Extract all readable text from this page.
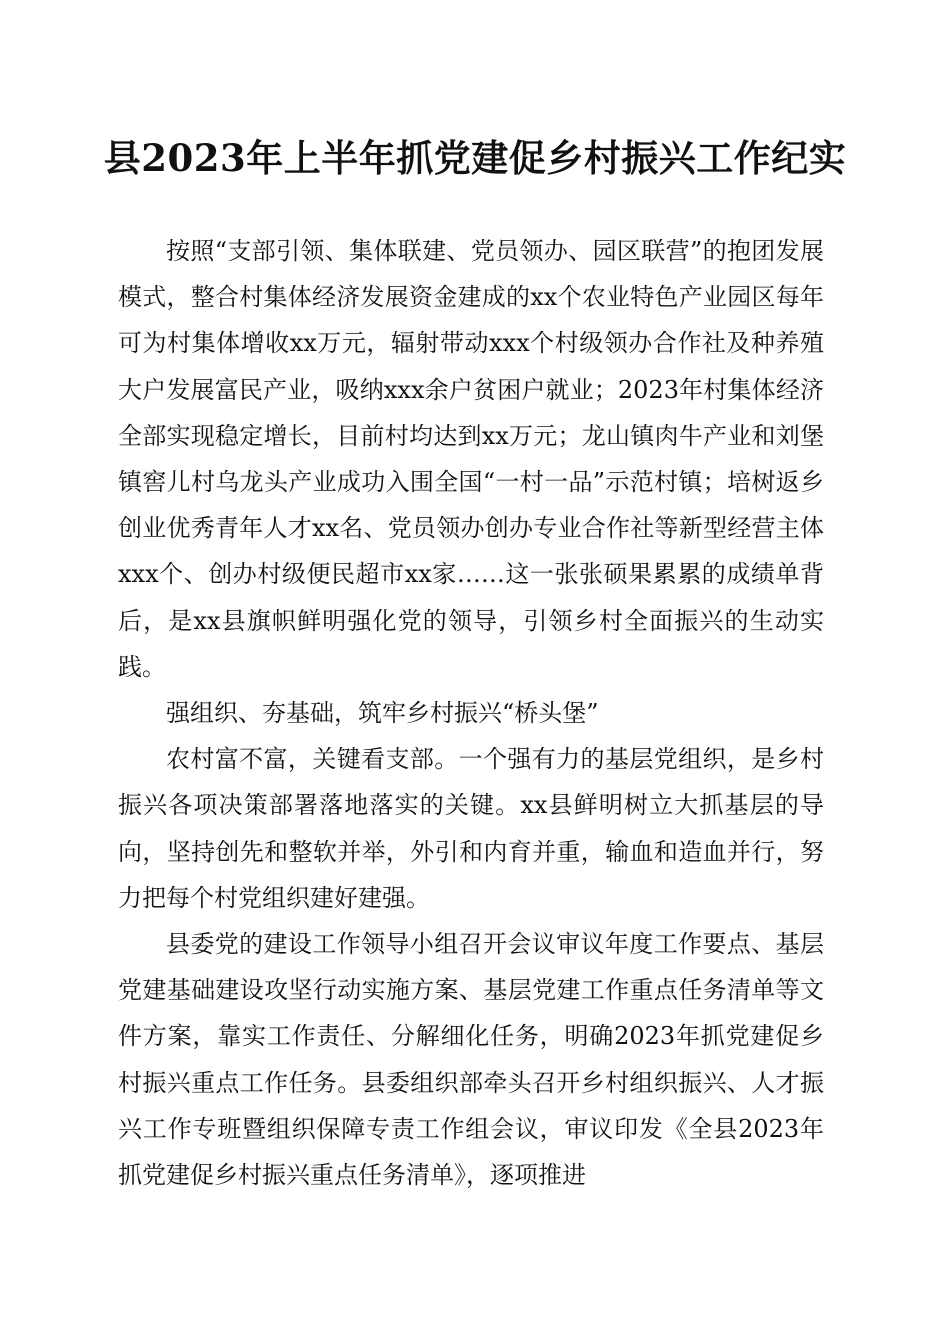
县2023年上半年抓党建促乡村振兴工作纪实

按照“支部引领、集体联建、党员领办、园区联营”的抱团发展模式，整合村集体经济发展资金建成的xx个农业特色产业园区每年可为村集体增收xx万元，辐射带动xxx个村级领办合作社及种养殖大户发展富民产业，吸纳xxx余户贫困户就业；2023年村集体经济全部实现稳定增长，目前村均达到xx万元；龙山镇肉牛产业和刘堡镇窖儿村乌龙头产业成功入围全国“一村一品”示范村镇；培树返乡创业优秀青年人才xx名、党员领办创办专业合作社等新型经营主体xxx个、创办村级便民超市xx家……这一张张硕果累累的成绩单背后，是xx县旗帜鲜明强化党的领导，引领乡村全面振兴的生动实践。

强组织、夯基础，筑牢乡村振兴“桥头堡”

农村富不富，关键看支部。一个强有力的基层党组织，是乡村振兴各项决策部署落地落实的关键。xx县鲜明树立大抓基层的导向，坚持创先和整软并举，外引和内育并重，输血和造血并行，努力把每个村党组织建好建强。

县委党的建设工作领导小组召开会议审议年度工作要点、基层党建基础建设攻坚行动实施方案、基层党建工作重点任务清单等文件方案，靠实工作责任、分解细化任务，明确2023年抓党建促乡村振兴重点工作任务。县委组织部牵头召开乡村组织振兴、人才振兴工作专班暨组织保障专责工作组会议，审议印发《全县2023年抓党建促乡村振兴重点任务清单》，逐项推进
